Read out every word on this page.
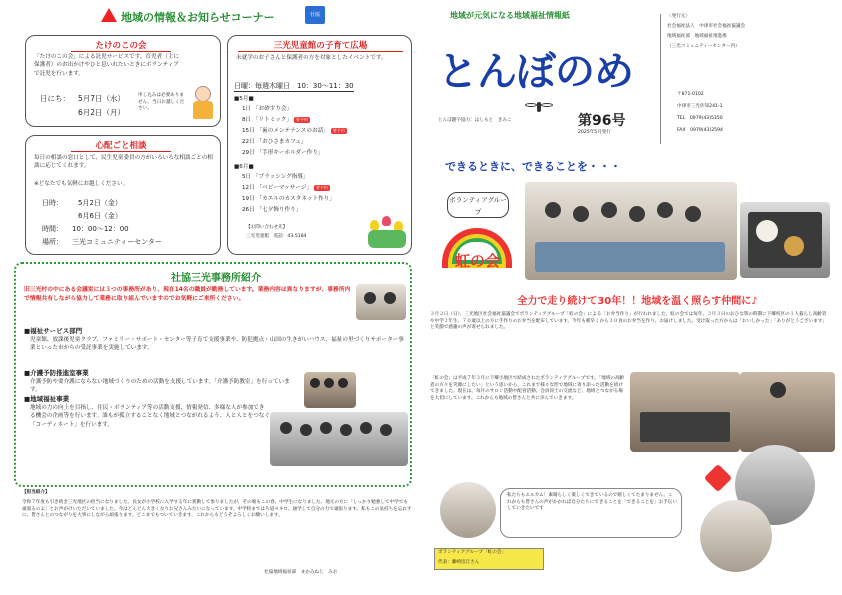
地域の情報＆お知らせコーナー	社協
たけのこの会
「たけのこの会」による託児サービスです。育児者（主に保護者）のお出かけやひと息いれたいときにボランティアで託児を行います。
日にち： 5月7日（水）
6月2日（月）
申し込みは必要ありません。当日お越しください。
心配ごと相談
毎日の相談の窓口として、民生児童委員の方がいろいろな相談ごとの相談に応じてくれます。
※どなたでも気軽にお越しください。
日時： 5月2日（金）
6月6日（金）
時間： 10：00～12：00
場所： 三光コミュニティーセンター
三光児童館の子育て広場
未就学のお子さんと保護者の方を対象としたイベントです。
日曜：毎週木曜日　10：30～11：30
■5月■
1日 「お砂すり会」
8日 「リトミック」 要予約
15日 「歯のメンテナンスのお話」 要予約
22日 「おひさまカフェ」
29日 「手形キーホルダー作り」
■6月■
5日 「ブラッシング指導」
12日 「ベビーマッサージ」 要予約
19日 「カエルのカスタネット作り」
26日 「七夕飾り作り」
【お問い合わせ先】
三光児童館　電話：43-5184
社協三光事務所紹介
旧三光村の中にある会議室には３つの事務所があり、現在14名の職員が勤務しています。業務内容は異なりますが、事務所内で情報共有しながら協力して業務に取り組んでいますのでお気軽にご来所ください。
■福祉サービス部門
児童館、放課後児童クラブ、ファミリー・サポート・センター等子育て支援事業や、防犯拠点・山国の生きがいハウス、福祉の里づくりサポーター事業といった市からの受託事業を実施しています。
■介護予防推進室事業
介護予防や要介護にならない地域づくりのための活動を支援しています。「介護予防教室」を行っています。
■地域福祉事業
地域の力の向上を目指し、住民・ボランティア等の活動支援、情報発信、多様な人が参加できる機会の企画等を行います。誰もが孤立することなく地域とつながれるよう、人と人とをつなぐ「コーディネート」を行います。
【担当紹介】
令和７年度も引き続き三光地区の担当になりました。長女が小学校に入学する年に異動して参りましたが、その娘もこの春、中学生になりました。地元の方に「しっかり勉強して中学でも頑張るのよ」とお声がけいただいていました。今はどんどん大きくなりお兄さんみたいになっています。中学校までは片道４キロ、通学して自分の力で頑張ります。私もこの気持ちを忘れずに、皆さんとのつながりを大事にしながら頑張ります。どこまでもついていきます。これからもどうぞよろしくお願いします。
社協地域福祉部　まかみねじ　みお
地域が元気になる地域福祉情報紙
とんぼのめ
とんぼ題字協力：はしもと　きみこ	第96号
2025年5月発行
〈発行元〉
社会福祉法人　中津市社会福祉協議会
地域福祉部　地域福祉推進係
（三光コミュニティーセンター内）
〒871-0102
中津市三光佐知241-1
TEL　0979(43)5350
FAX　0979(43)2594
できるときに、できることを・・・
ボランティアグループ
虹の会
全力で走り続けて30年！！地域を温く照らす仲間に♪
３月２日（日）、三光地区社会福祉協議会でボランティアグループ「虹の会」による「お弁当作り」が行われました。虹の会では毎年、３月３日のおひな祭の時期に下郷校区の１人暮らし高齢者や中学３年生、７０歳以上の方に手作りのお弁当を配布しています。今年も朝早くから３０食のお弁当を作り、お届けしました。受け取った方からは「おいしかった」「ありがとうございます」と笑顔で感謝の声が寄せられました。
「虹の会」は平成７年３月に下郷小地区で結成されたボランティアグループです。「地域の高齢者の方々を笑顔にしたい」という思いから、これまで様々な形で地域に寄り添った活動を続けてきました。現在は、毎月のサロン活動や配食活動、会員同士の交流など、地域とつながる場を大切にしています。これからも地域の皆さんと共に歩んでいきます。
私たちもエルカム！素晴らしく楽しくできているので嬉しくてたまりません。これからも皆さんの声がかかれば自分たちにできることを「できることを」お手伝いしていきたいです
ボランティアグループ「虹の会」
代表：藤崎房江さん
